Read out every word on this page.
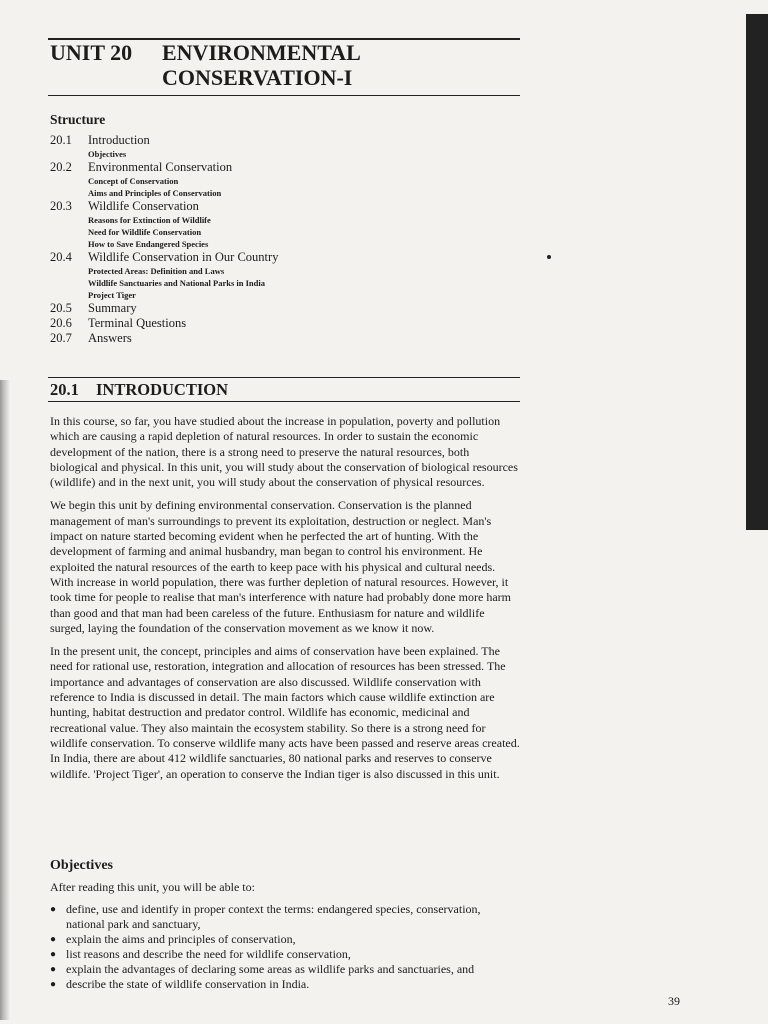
UNIT 20 ENVIRONMENTAL
CONSERVATION-I
Structure
20.1	Introduction
Objectives
20.2	Environmental Conservation
Concept of Conservation
Aims and Principles of Conservation
20.3	Wildlife Conservation
Reasons for Extinction of Wildlife
Need for Wildlife Conservation
How to Save Endangered Species
20.4	Wildlife Conservation in Our Country
Protected Areas: Definition and Laws
Wildlife Sanctuaries and National Parks in India
Project Tiger
20.5	Summary
20.6	Terminal Questions
20.7	Answers
20.1 INTRODUCTION

In this course, so far, you have studied about the increase in population, poverty and pollution which are causing a rapid depletion of natural resources. In order to sustain the economic development of the nation, there is a strong need to preserve the natural resources, both biological and physical. In this unit, you will study about the conservation of biological resources (wildlife) and in the next unit, you will study about the conservation of physical resources.

We begin this unit by defining environmental conservation. Conservation is the planned management of man's surroundings to prevent its exploitation, destruction or neglect. Man's impact on nature started becoming evident when he perfected the art of hunting. With the development of farming and animal husbandry, man began to control his environment. He exploited the natural resources of the earth to keep pace with his physical and cultural needs. With increase in world population, there was further depletion of natural resources. However, it took time for people to realise that man's interference with nature had probably done more harm than good and that man had been careless of the future. Enthusiasm for nature and wildlife surged, laying the foundation of the conservation movement as we know it now.

In the present unit, the concept, principles and aims of conservation have been explained. The need for rational use, restoration, integration and allocation of resources has been stressed. The importance and advantages of conservation are also discussed. Wildlife conservation with reference to India is discussed in detail. The main factors which cause wildlife extinction are hunting, habitat destruction and predator control. Wildlife has economic, medicinal and recreational value. They also maintain the ecosystem stability. So there is a strong need for wildlife conservation. To conserve wildlife many acts have been passed and reserve areas created. In India, there are about 412 wildlife sanctuaries, 80 national parks and reserves to conserve wildlife. 'Project Tiger', an operation to conserve the Indian tiger is also discussed in this unit.

Objectives
After reading this unit, you will be able to:
● define, use and identify in proper context the terms: endangered species, conservation, national park and sanctuary,
● explain the aims and principles of conservation,
● list reasons and describe the need for wildlife conservation,
● explain the advantages of declaring some areas as wildlife parks and sanctuaries, and
● describe the state of wildlife conservation in India.
39
